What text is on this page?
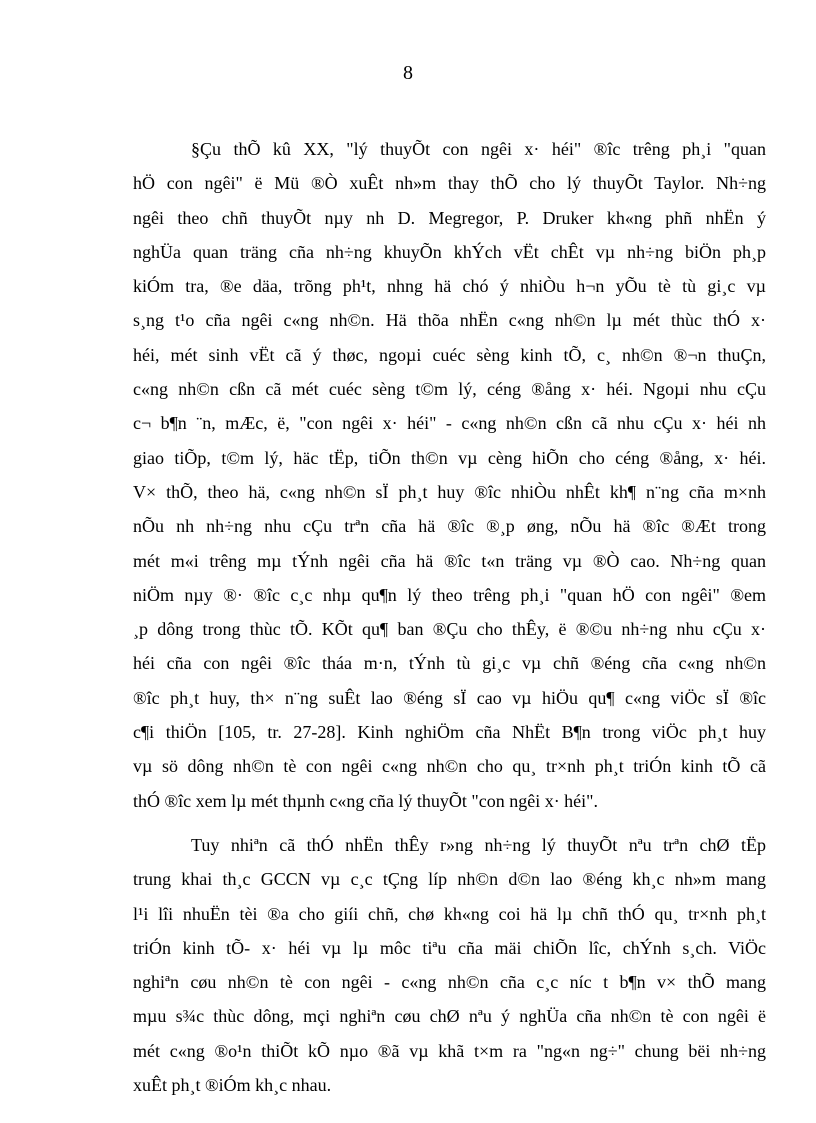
8

§Çu thÕ kû XX, "lý thuyÕt con ngêi x· héi" ®îc trêng ph¸i "quan
hÖ con ngêi" ë Mü ®Ò xuÊt nh»m thay thÕ cho lý thuyÕt Taylor. Nh÷ng
ngêi theo chñ thuyÕt nµy nh D. Megregor, P. Druker kh«ng phñ nhËn ý
nghÜa quan träng cña nh÷ng khuyÕn khÝch vËt chÊt vµ nh÷ng biÖn ph¸p
kiÓm tra, ®e däa, trõng ph¹t, nhng hä chó ý nhiÒu h¬n yÕu tè tù gi¸c vµ
s¸ng t¹o cña ngêi c«ng nh©n. Hä thõa nhËn c«ng nh©n lµ mét thùc thÓ x·
héi, mét sinh vËt cã ý thøc, ngoµi cuéc sèng kinh tÕ, c¸ nh©n ®¬n thuÇn,
c«ng nh©n cßn cã mét cuéc sèng t©m lý, céng ®ång x· héi. Ngoµi nhu cÇu
c¬ b¶n ¨n, mÆc, ë, "con ngêi x· héi" - c«ng nh©n cßn cã nhu cÇu x· héi nh
giao tiÕp, t©m lý, häc tËp, tiÕn th©n vµ cèng hiÕn cho céng ®ång, x· héi.
V× thÕ, theo hä, c«ng nh©n sÏ ph¸t huy ®îc nhiÒu nhÊt kh¶ n¨ng cña m×nh
nÕu nh nh÷ng nhu cÇu trªn cña hä ®îc ®¸p øng, nÕu hä ®îc ®Æt trong
mét m«i trêng mµ tÝnh ngêi cña hä ®îc t«n träng vµ ®Ò cao. Nh÷ng quan
niÖm nµy ®· ®îc c¸c nhµ qu¶n lý theo trêng ph¸i "quan hÖ con ngêi" ®em
¸p dông trong thùc tÕ. KÕt qu¶ ban ®Çu cho thÊy, ë ®©u nh÷ng nhu cÇu x·
héi cña con ngêi ®îc tháa m·n, tÝnh tù gi¸c vµ chñ ®éng cña c«ng nh©n
®îc ph¸t huy, th× n¨ng suÊt lao ®éng sÏ cao vµ hiÖu qu¶ c«ng viÖc sÏ ®îc
c¶i thiÖn [105, tr. 27-28]. Kinh nghiÖm cña NhËt B¶n trong viÖc ph¸t huy
vµ sö dông nh©n tè con ngêi c«ng nh©n cho qu¸ tr×nh ph¸t triÓn kinh tÕ cã
thÓ ®îc xem lµ mét thµnh c«ng cña lý thuyÕt "con ngêi x· héi".

Tuy nhiªn cã thÓ nhËn thÊy r»ng nh÷ng lý thuyÕt nªu trªn chØ tËp
trung khai th¸c GCCN vµ c¸c tÇng líp nh©n d©n lao ®éng kh¸c nh»m mang
l¹i lîi nhuËn tèi ®a cho giíi chñ, chø kh«ng coi hä lµ chñ thÓ qu¸ tr×nh ph¸t
triÓn kinh tÕ- x· héi vµ lµ môc tiªu cña mäi chiÕn lîc, chÝnh s¸ch. ViÖc
nghiªn cøu nh©n tè con ngêi - c«ng nh©n cña c¸c níc t b¶n v× thÕ mang
mµu s¾c thùc dông, mçi nghiªn cøu chØ nªu ý nghÜa cña nh©n tè con ngêi ë
mét c«ng ®o¹n thiÕt kÕ nµo ®ã vµ khã t×m ra "ng«n ng÷" chung bëi nh÷ng
xuÊt ph¸t ®iÓm kh¸c nhau.
